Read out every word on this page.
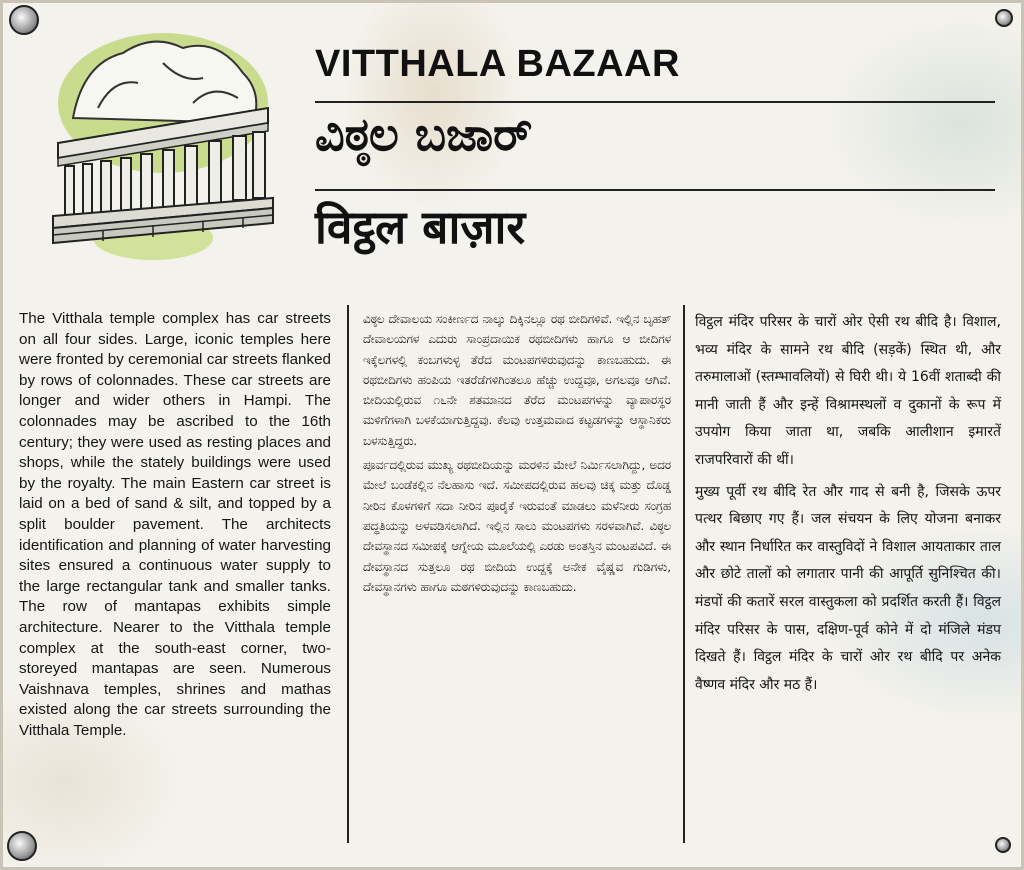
VITTHALA BAZAAR
ವಿಠ್ಠಲ ಬಜಾರ್
विट्ठल बाज़ार

The Vitthala temple complex has car streets on all four sides. Large, iconic temples here were fronted by ceremonial car streets flanked by rows of colonnades. These car streets are longer and wider others in Hampi. The colonnades may be ascribed to the 16th century; they were used as resting places and shops, while the stately buildings were used by the royalty. The main Eastern car street is laid on a bed of sand & silt, and topped by a split boulder pavement. The architects identification and planning of water harvesting sites ensured a continuous water supply to the large rectangular tank and smaller tanks. The row of mantapas exhibits simple architecture. Nearer to the Vitthala temple complex at the south-east corner, two-storeyed mantapas are seen. Numerous Vaishnava temples, shrines and mathas existed along the car streets surrounding the Vitthala Temple.

ವಿಠ್ಠಲ ದೇವಾಲಯ ಸಂಕೀರ್ಣದ ನಾಲ್ಕು ದಿಕ್ಕಿನಲ್ಲೂ ರಥ ಬೀದಿಗಳಿವೆ. ಇಲ್ಲಿನ ಬೃಹತ್ ದೇವಾಲಯಗಳ ಎದುರು ಸಾಂಪ್ರದಾಯಿಕ ರಥಬೀದಿಗಳು ಹಾಗೂ ಆ ಬೀದಿಗಳ ಇಕ್ಕೆಲಗಳಲ್ಲಿ ಕಂಬಗಳುಳ್ಳ ತೆರೆದ ಮಂಟಪಗಳಿರುವುದನ್ನು ಕಾಣಬಹುದು. ಈ ರಥಬೀದಿಗಳು ಹಂಪಿಯ ಇತರೆಡೆಗಳಿಗಿಂತಲೂ ಹೆಚ್ಚು ಉದ್ದವೂ, ಅಗಲವೂ ಆಗಿವೆ. ಬೀದಿಯಲ್ಲಿರುವ ೧೬ನೇ ಶತಮಾನದ ತೆರೆದ ಮಂಟಪಗಳನ್ನು ವ್ಯಾಪಾರಸ್ಥರ ಮಳಿಗೆಗಳಾಗಿ ಬಳಕೆಯಾಗುತ್ತಿದ್ದವು. ಕೆಲವು ಉತ್ತಮವಾದ ಕಟ್ಟಡಗಳನ್ನು ಆಸ್ಥಾನಿಕರು ಬಳಸುತ್ತಿದ್ದರು.

ಪೂರ್ವದಲ್ಲಿರುವ ಮುಖ್ಯ ರಥಬೀದಿಯನ್ನು ಮರಳಿನ ಮೇಲೆ ನಿರ್ಮಿಸಲಾಗಿದ್ದು, ಅದರ ಮೇಲೆ ಬಂಡೆಕಲ್ಲಿನ ನೆಲಹಾಸು ಇದೆ. ಸಮೀಪದಲ್ಲಿರುವ ಹಲವು ಚಿಕ್ಕ ಮತ್ತು ದೊಡ್ಡ ನೀರಿನ ಕೊಳಗಳಿಗೆ ಸದಾ ನೀರಿನ ಪೂರೈಕೆ ಇರುವಂತೆ ಮಾಡಲು ಮಳೆನೀರು ಸಂಗ್ರಹ ಪದ್ಧತಿಯನ್ನು ಅಳವಡಿಸಲಾಗಿದೆ. ಇಲ್ಲಿನ ಸಾಲು ಮಂಟಪಗಳು ಸರಳವಾಗಿವೆ. ವಿಠ್ಠಲ ದೇವಸ್ಥಾನದ ಸಮೀಪಕ್ಕೆ ಆಗ್ನೇಯ ಮೂಲೆಯಲ್ಲಿ ಎರಡು ಅಂತಸ್ತಿನ ಮಂಟಪವಿದೆ. ಈ ದೇವಸ್ಥಾನದ ಸುತ್ತಲೂ ರಥ ಬೀದಿಯ ಉದ್ದಕ್ಕೆ ಅನೇಕ ವೈಷ್ಣವ ಗುಡಿಗಳು, ದೇವಸ್ಥಾನಗಳು ಹಾಗೂ ಮಠಗಳಿರುವುದನ್ನು ಕಾಣಬಹುದು.

विट्ठल मंदिर परिसर के चारों ओर ऐसी रथ बीदि है। विशाल, भव्य मंदिर के सामने रथ बीदि (सड़कें) स्थित थी, और तरुमालाओं (स्तम्भावलियों) से घिरी थी। ये 16वीं शताब्दी की मानी जाती हैं और इन्हें विश्रामस्थलों व दुकानों के रूप में उपयोग किया जाता था, जबकि आलीशान इमारतें राजपरिवारों की थीं।

मुख्य पूर्वी रथ बीदि रेत और गाद से बनी है, जिसके ऊपर पत्थर बिछाए गए हैं। जल संचयन के लिए योजना बनाकर और स्थान निर्धारित कर वास्तुविदों ने विशाल आयताकार ताल और छोटे तालों को लगातार पानी की आपूर्ति सुनिश्चित की। मंडपों की कतारें सरल वास्तुकला को प्रदर्शित करती हैं। विट्ठल मंदिर परिसर के पास, दक्षिण-पूर्व कोने में दो मंजिले मंडप दिखते हैं। विट्ठल मंदिर के चारों ओर रथ बीदि पर अनेक वैष्णव मंदिर और मठ हैं।
